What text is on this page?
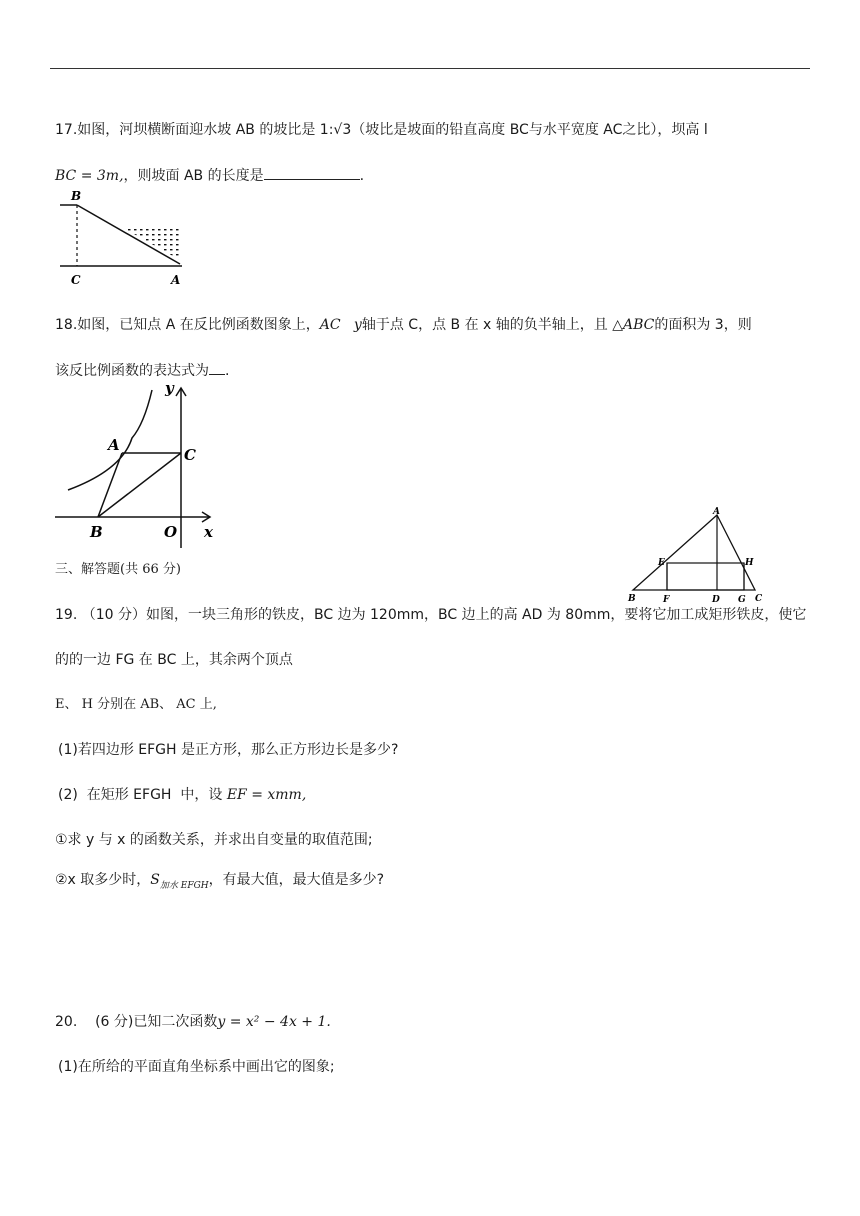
17.如图，河坝横断面迎水坡 AB 的坡比是 1:√3（坡比是坡面的铅直高度 BC与水平宽度 AC之比），坝高 l
BC = 3m,，则坡面 AB 的长度是	.
B
C	A
18.如图，已知点 A 在反比例函数图象上，AC   y轴于点 C，点 B 在 x 轴的负半轴上，且 △ABC的面积为 3，则
该反比例函数的表达式为 .
y
A
C
B	O x
三、解答题(共 66 分)
A
E	H
B	F	D G C
19. （10 分）如图，一块三角形的铁皮，BC 边为 120mm，BC 边上的高 AD 为 80mm，要将它加工成矩形铁皮，使它
的的一边 FG 在 BC 上，其余两个顶点
E、 H 分别在 AB、 AC 上,
(1)若四边形 EFGH 是正方形，那么正方形边长是多少?
(2)  在矩形 EFGH  中，设 EF = xmm,
①求 y 与 x 的函数关系，并求出自变量的取值范围;
②x 取多少时，$S_{加水 EFGH}$，有最大值，最大值是多少?
20.    (6 分)已知二次函数y = x² − 4x + 1.
(1)在所给的平面直角坐标系中画出它的图象;
